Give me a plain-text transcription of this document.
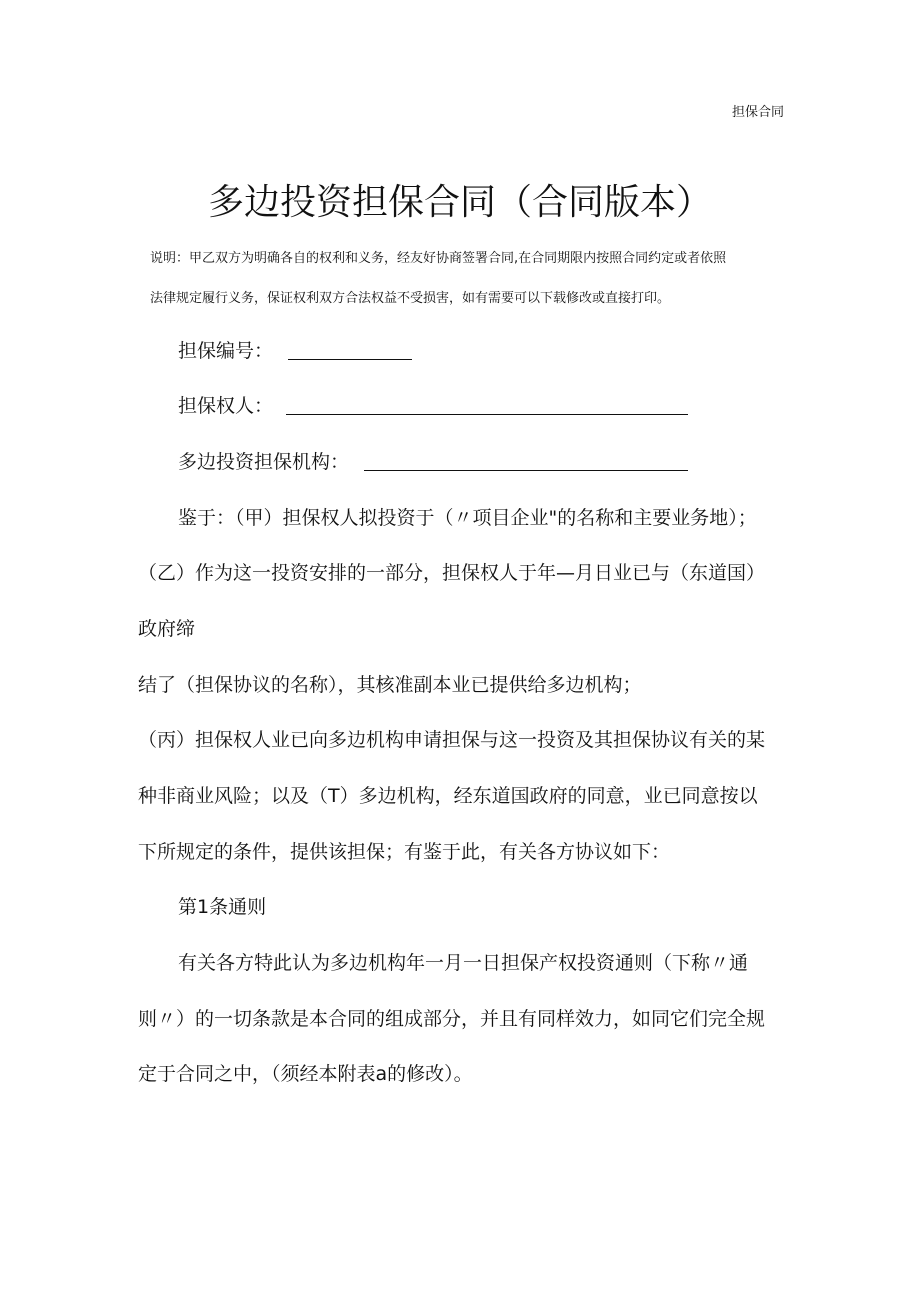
担保合同
多边投资担保合同（合同版本）
说明：甲乙双方为明确各自的权利和义务，经友好协商签署合同,在合同期限内按照合同约定或者依照
法律规定履行义务，保证权利双方合法权益不受损害，如有需要可以下载修改或直接打印。
担保编号：
担保权人：
多边投资担保机构：
鉴于：（甲）担保权人拟投资于（〃项目企业"的名称和主要业务地）；
（乙）作为这一投资安排的一部分，担保权人于年—月日业已与（东道国）
政府缔
结了（担保协议的名称），其核准副本业已提供给多边机构；
（丙）担保权人业已向多边机构申请担保与这一投资及其担保协议有关的某
种非商业风险；以及（T）多边机构，经东道国政府的同意，业已同意按以
下所规定的条件，提供该担保；有鉴于此，有关各方协议如下：
第1条通则
有关各方特此认为多边机构年一月一日担保产权投资通则（下称〃通
则〃）的一切条款是本合同的组成部分，并且有同样效力，如同它们完全规
定于合同之中，（须经本附表a的修改）。
